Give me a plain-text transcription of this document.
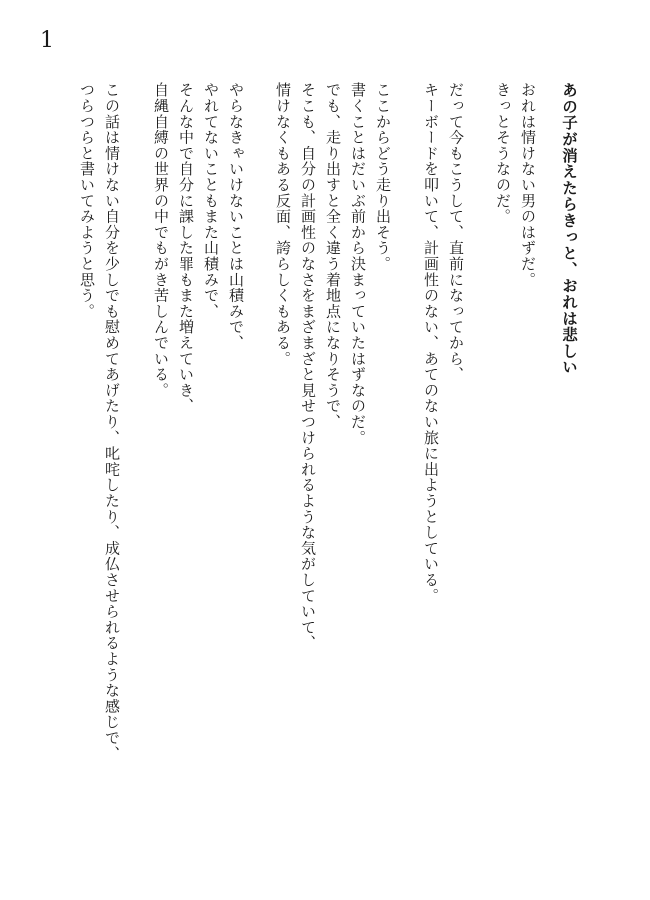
1
あの子が消えたらきっと、おれは悲しい
おれは情けない男のはずだ。
きっとそうなのだ。
だって今もこうして、直前になってから、
キーボードを叩いて、計画性のない、あてのない旅に出ようとしている。
ここからどう走り出そう。
書くことはだいぶ前から決まっていたはずなのだ。
でも、走り出すと全く違う着地点になりそうで、
そこも、自分の計画性のなさをまざまざと見せつけられるような気がしていて、
情けなくもある反面、誇らしくもある。
やらなきゃいけないことは山積みで、
やれてないこともまた山積みで、
そんな中で自分に課した罪もまた増えていき、
自縄自縛の世界の中でもがき苦しんでいる。
この話は情けない自分を少しでも慰めてあげたり、叱咤したり、成仏させられるような感じで、
つらつらと書いてみようと思う。
